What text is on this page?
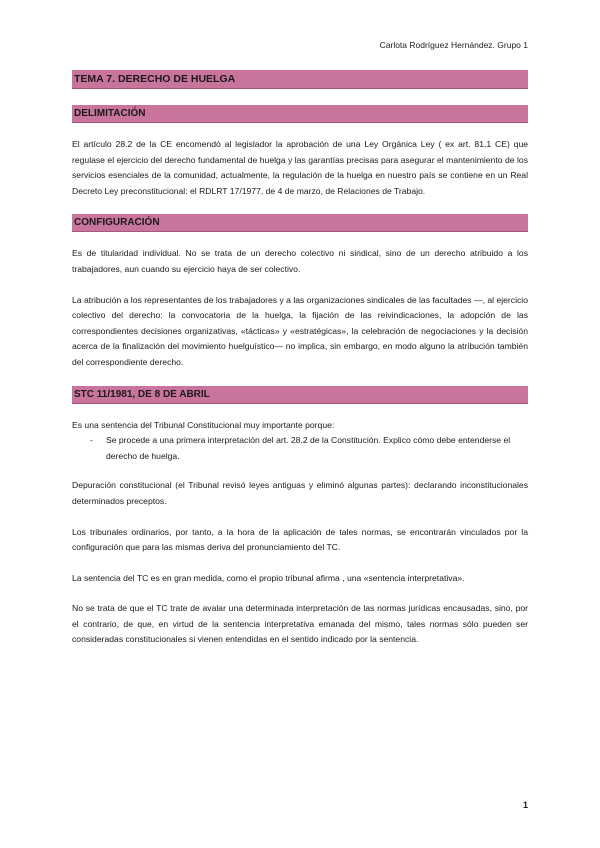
Carlota Rodríguez Hernández. Grupo 1
TEMA 7. DERECHO DE HUELGA
DELIMITACIÓN

El artículo 28.2 de la CE encomendó al legislador la aprobación de una Ley Orgánica Ley ( ex art. 81.1 CE) que regulase el ejercicio del derecho fundamental de huelga y las garantías precisas para asegurar el mantenimiento de los servicios esenciales de la comunidad, actualmente, la regulación de la huelga en nuestro país se contiene en un Real Decreto Ley preconstitucional: el RDLRT 17/1977, de 4 de marzo, de Relaciones de Trabajo.

CONFIGURACIÓN

Es de titularidad individual. No se trata de un derecho colectivo ni sindical, sino de un derecho atribuido a los trabajadores, aun cuando su ejercicio haya de ser colectivo.

La atribución a los representantes de los trabajadores y a las organizaciones sindicales de las facultades —, al ejercicio colectivo del derecho: la convocatoria de la huelga, la fijación de las reivindicaciones, la adopción de las correspondientes decisiones organizativas, «tácticas» y «estratégicas», la celebración de negociaciones y la decisión acerca de la finalización del movimiento huelguístico— no implica, sin embargo, en modo alguno la atribución también del correspondiente derecho.

STC 11/1981, DE 8 DE ABRIL

Es una sentencia del Tribunal Constitucional muy importante porque:

- Se procede a una primera interpretación del art. 28.2 de la Constitución. Explico cómo debe entenderse el derecho de huelga.

Depuración constitucional (el Tribunal revisó leyes antiguas y eliminó algunas partes): declarando inconstitucionales determinados preceptos.

Los tribunales ordinarios, por tanto, a la hora de la aplicación de tales normas, se encontrarán vinculados por la configuración que para las mismas deriva del pronunciamiento del TC.

La sentencia del TC es en gran medida, como el propio tribunal afirma , una «sentencia interpretativa».

No se trata de que el TC trate de avalar una determinada interpretación de las normas jurídicas encausadas, sino, por el contrario, de que, en virtud de la sentencia interpretativa emanada del mismo, tales normas sólo pueden ser consideradas constitucionales si vienen entendidas en el sentido indicado por la sentencia.

1
